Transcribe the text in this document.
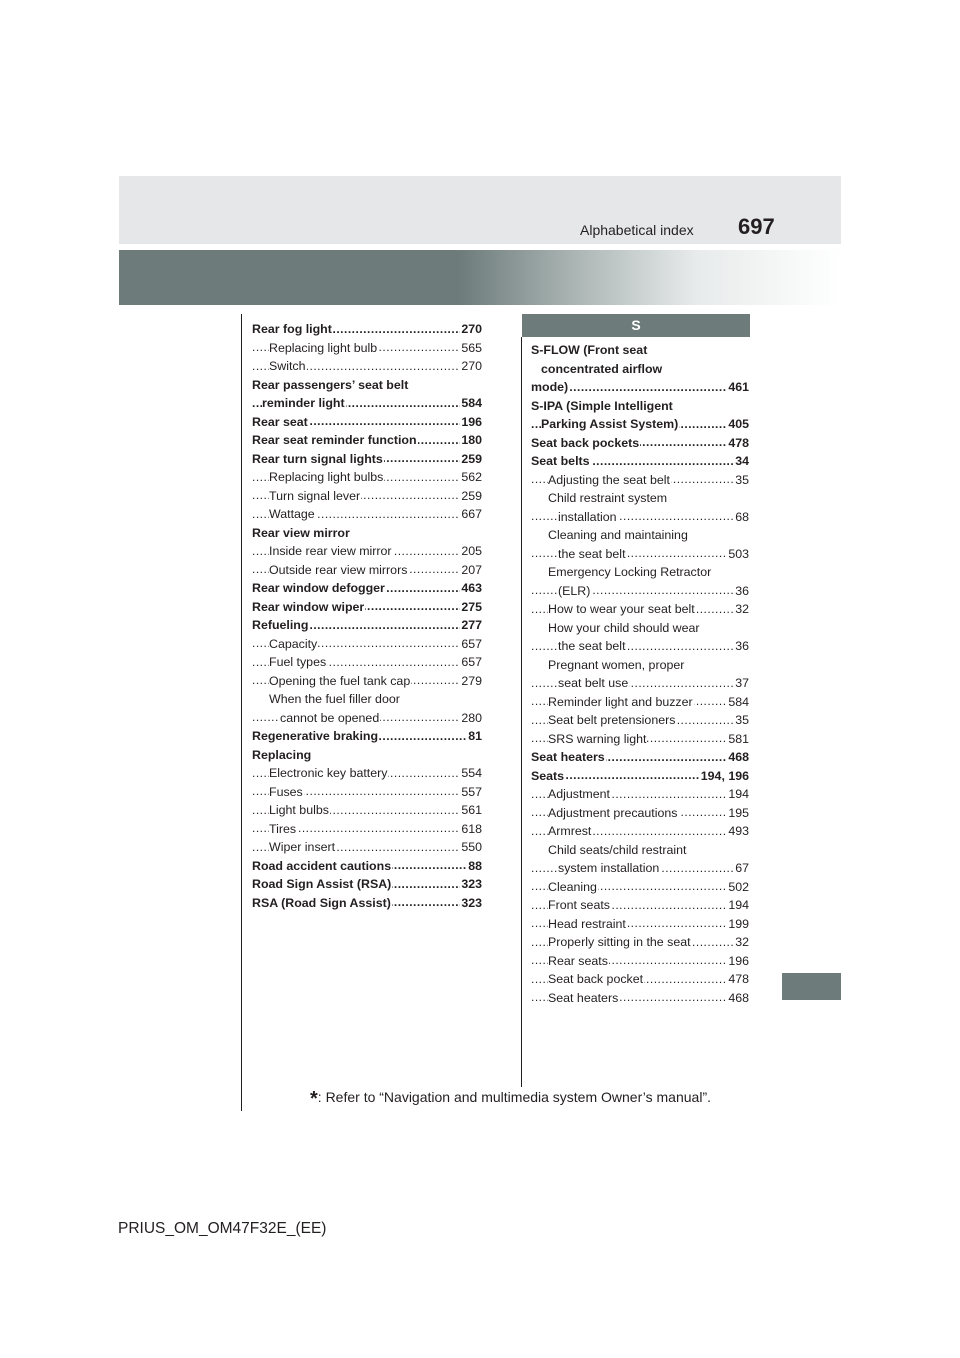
Alphabetical index 697
Rear fog light	270
.....
Replacing light bulb	565
.....
Switch	270
.....
Rear passengers’ seat belt
reminder light	584
.....
Rear seat	196
.....
Rear seat reminder function	180
.....
Rear turn signal lights	259
.....
Replacing light bulbs	562
.....
Turn signal lever	259
.....
Wattage	667
.....
Rear view mirror
Inside rear view mirror	205
.....
Outside rear view mirrors	207
.....
Rear window defogger	463
.....
Rear window wiper	275
.....
Refueling	277
.....
Capacity	657
.....
Fuel types	657
.....
Opening the fuel tank cap	279
.....
When the fuel filler door
cannot be opened	280
.....
Regenerative braking	81
.....
Replacing
Electronic key battery	554
.....
Fuses	557
.....
Light bulbs	561
.....
Tires	618
.....
Wiper insert	550
.....
Road accident cautions	88
.....
Road Sign Assist (RSA)	323
.....
RSA (Road Sign Assist)	323
.....
S
S-FLOW (Front seat
concentrated airflow
mode)	461
.....
S-IPA (Simple Intelligent
Parking Assist System)	405
.....
Seat back pockets	478
.....
Seat belts	34
.....
Adjusting the seat belt	35
.....
Child restraint system
installation	68
.....
Cleaning and maintaining
the seat belt	503
.....
Emergency Locking Retractor
(ELR)	36
.....
How to wear your seat belt	32
.....
How your child should wear
the seat belt	36
.....
Pregnant women, proper
seat belt use	37
.....
Reminder light and buzzer	584
.....
Seat belt pretensioners	35
.....
SRS warning light	581
.....
Seat heaters	468
.....
Seats	194, 196
.....
Adjustment	194
.....
Adjustment precautions	195
.....
Armrest	493
.....
Child seats/child restraint
system installation	67
.....
Cleaning	502
.....
Front seats	194
.....
Head restraint	199
.....
Properly sitting in the seat	32
.....
Rear seats	196
.....
Seat back pocket	478
.....
Seat heaters	468
.....
*: Refer to “Navigation and multimedia system Owner’s manual”.
PRIUS_OM_OM47F32E_(EE)
